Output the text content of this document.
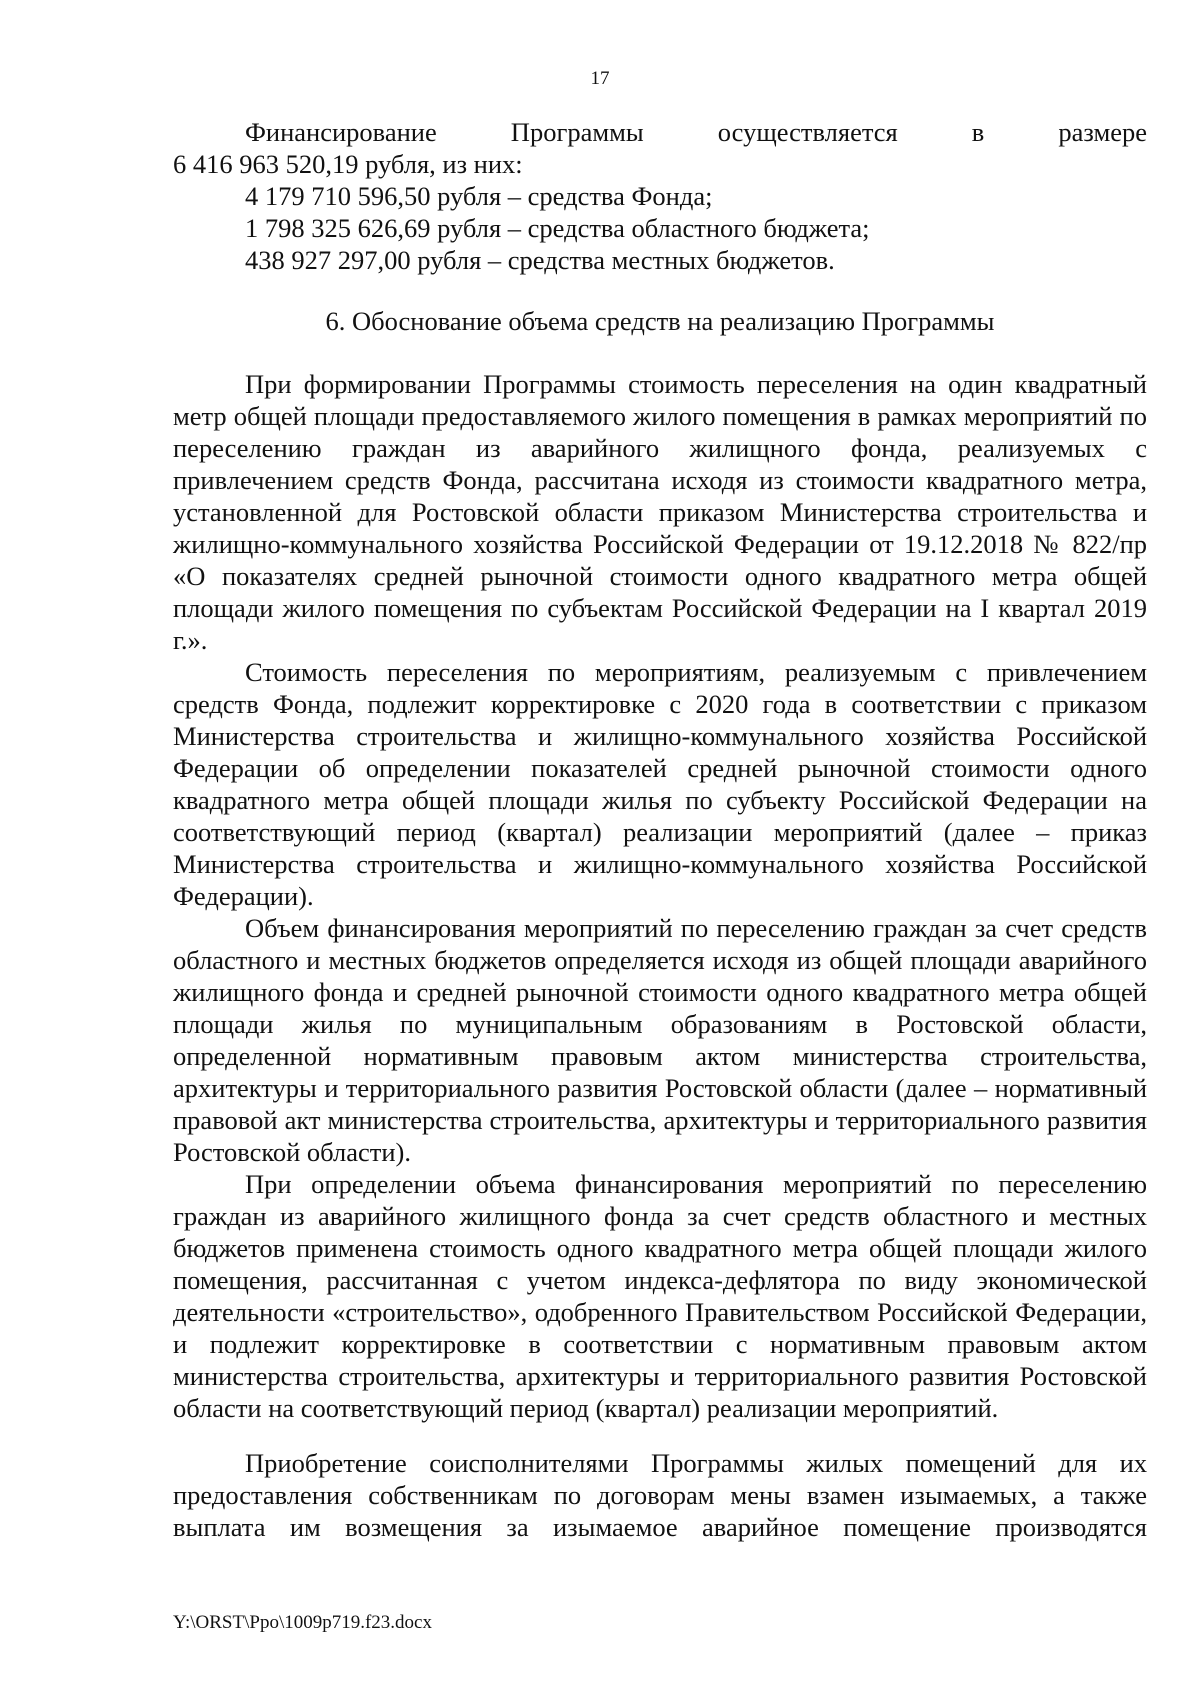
17

Финансирование Программы осуществляется в размере

6 416 963 520,19 рубля, из них:

4 179 710 596,50 рубля – средства Фонда;

1 798 325 626,69 рубля – средства областного бюджета;

438 927 297,00 рубля – средства местных бюджетов.

6. Обоснование объема средств на реализацию Программы

При формировании Программы стоимость переселения на один квадратный метр общей площади предоставляемого жилого помещения в рамках мероприятий по переселению граждан из аварийного жилищного фонда, реализуемых с привлечением средств Фонда, рассчитана исходя из стоимости квадратного метра, установленной для Ростовской области приказом Министерства строительства и жилищно-коммунального хозяйства Российской Федерации от 19.12.2018 № 822/пр «О показателях средней рыночной стоимости одного квадратного метра общей площади жилого помещения по субъектам Российской Федерации на I квартал 2019 г.».

Стоимость переселения по мероприятиям, реализуемым с привлечением средств Фонда, подлежит корректировке с 2020 года в соответствии с приказом Министерства строительства и жилищно-коммунального хозяйства Российской Федерации об определении показателей средней рыночной стоимости одного квадратного метра общей площади жилья по субъекту Российской Федерации на соответствующий период (квартал) реализации мероприятий (далее – приказ Министерства строительства и жилищно-коммунального хозяйства Российской Федерации).

Объем финансирования мероприятий по переселению граждан за счет средств областного и местных бюджетов определяется исходя из общей площади аварийного жилищного фонда и средней рыночной стоимости одного квадратного метра общей площади жилья по муниципальным образованиям в Ростовской области, определенной нормативным правовым актом министерства строительства, архитектуры и территориального развития Ростовской области (далее – нормативный правовой акт министерства строительства, архитектуры и территориального развития Ростовской области).

При определении объема финансирования мероприятий по переселению граждан из аварийного жилищного фонда за счет средств областного и местных бюджетов применена стоимость одного квадратного метра общей площади жилого помещения, рассчитанная с учетом индекса-дефлятора по виду экономической деятельности «строительство», одобренного Правительством Российской Федерации, и подлежит корректировке в соответствии с нормативным правовым актом министерства строительства, архитектуры и территориального развития Ростовской области на соответствующий период (квартал) реализации мероприятий.

Приобретение соисполнителями Программы жилых помещений для их предоставления собственникам по договорам мены взамен изымаемых, а также выплата им возмещения за изымаемое аварийное помещение производятся

Y:\ORST\Ppo\1009p719.f23.docx
